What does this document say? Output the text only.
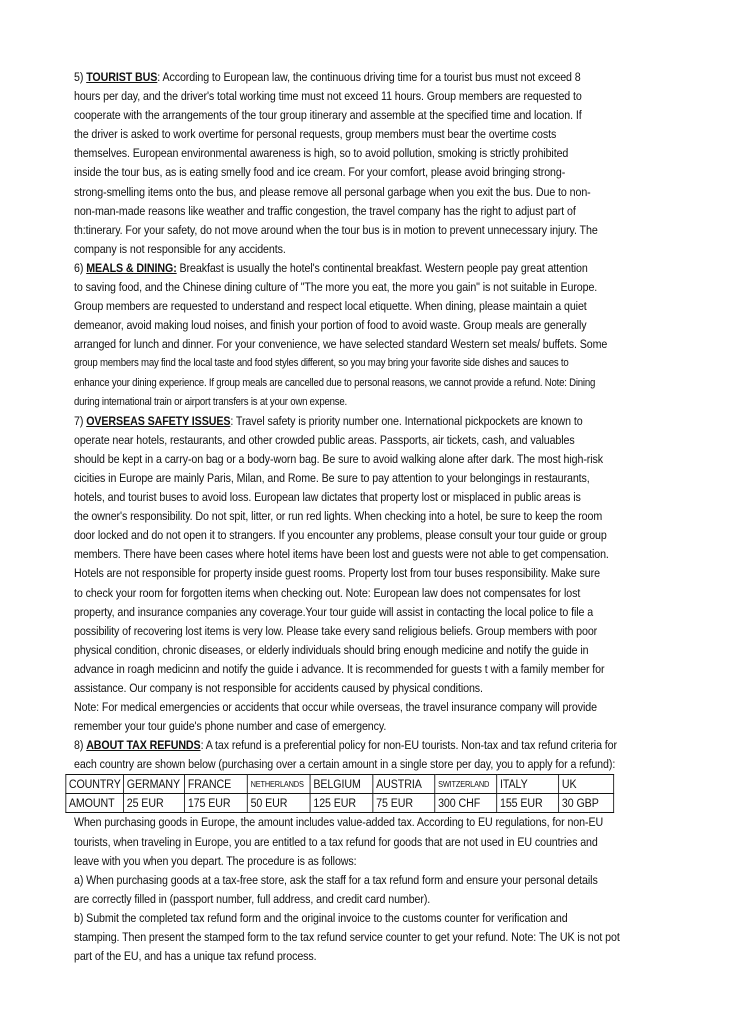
5) TOURIST BUS: According to European law, the continuous driving time for a tourist bus must not exceed 8
hours per day, and the driver's total working time must not exceed 11 hours. Group members are requested to
cooperate with the arrangements of the tour group itinerary and assemble at the specified time and location. If
the driver is asked to work overtime for personal requests, group members must bear the overtime costs
themselves. European environmental awareness is high, so to avoid pollution, smoking is strictly prohibited
inside the tour bus, as is eating smelly food and ice cream. For your comfort, please avoid bringing strong-
strong-smelling items onto the bus, and please remove all personal garbage when you exit the bus. Due to non-
non-man-made reasons like weather and traffic congestion, the travel company has the right to adjust part of
th:tinerary. For your safety, do not move around when the tour bus is in motion to prevent unnecessary injury. The
company is not responsible for any accidents.
6) MEALS & DINING: Breakfast is usually the hotel's continental breakfast. Western people pay great attention
to saving food, and the Chinese dining culture of "The more you eat, the more you gain" is not suitable in Europe.
Group members are requested to understand and respect local etiquette. When dining, please maintain a quiet
demeanor, avoid making loud noises, and finish your portion of food to avoid waste. Group meals are generally
arranged for lunch and dinner. For your convenience, we have selected standard Western set meals/ buffets. Some
group members may find the local taste and food styles different, so you may bring your favorite side dishes and sauces to
enhance your dining experience. If group meals are cancelled due to personal reasons, we cannot provide a refund. Note: Dining
during international train or airport transfers is at your own expense.
7) OVERSEAS SAFETY ISSUES: Travel safety is priority number one. International pickpockets are known to
operate near hotels, restaurants, and other crowded public areas. Passports, air tickets, cash, and valuables
should be kept in a carry-on bag or a body-worn bag. Be sure to avoid walking alone after dark. The most high-risk
cicities in Europe are mainly Paris, Milan, and Rome. Be sure to pay attention to your belongings in restaurants,
hotels, and tourist buses to avoid loss. European law dictates that property lost or misplaced in public areas is
the owner's responsibility. Do not spit, litter, or run red lights. When checking into a hotel, be sure to keep the room
door locked and do not open it to strangers. If you encounter any problems, please consult your tour guide or group
members. There have been cases where hotel items have been lost and guests were not able to get compensation.
Hotels are not responsible for property inside guest rooms. Property lost from tour buses responsibility. Make sure
to check your room for forgotten items when checking out. Note: European law does not compensates for lost
property, and insurance companies any coverage.Your tour guide will assist in contacting the local police to file a
possibility of recovering lost items is very low. Please take every sand religious beliefs. Group members with poor
physical condition, chronic diseases, or elderly individuals should bring enough medicine and notify the guide in
advance in roagh medicinn and notify the guide i advance. It is recommended for guests t with a family member for
assistance. Our company is not responsible for accidents caused by physical conditions.
Note: For medical emergencies or accidents that occur while overseas, the travel insurance company will provide
remember your tour guide's phone number and case of emergency.
8) ABOUT TAX REFUNDS: A tax refund is a preferential policy for non-EU tourists. Non-tax and tax refund criteria for
each country are shown below (purchasing over a certain amount in a single store per day, you to apply for a refund):
COUNTRY	GERMANY	FRANCE	NETHERLANDS	BELGIUM	AUSTRIA	SWITZERLAND	ITALY	UK
AMOUNT	25 EUR	175 EUR	50 EUR	125 EUR	75 EUR	300 CHF	155 EUR	30 GBP
When purchasing goods in Europe, the amount includes value-added tax. According to EU regulations, for non-EU
tourists, when traveling in Europe, you are entitled to a tax refund for goods that are not used in EU countries and
leave with you when you depart. The procedure is as follows:
a) When purchasing goods at a tax-free store, ask the staff for a tax refund form and ensure your personal details
are correctly filled in (passport number, full address, and credit card number).
b) Submit the completed tax refund form and the original invoice to the customs counter for verification and
stamping. Then present the stamped form to the tax refund service counter to get your refund. Note: The UK is not pot
part of the EU, and has a unique tax refund process.
